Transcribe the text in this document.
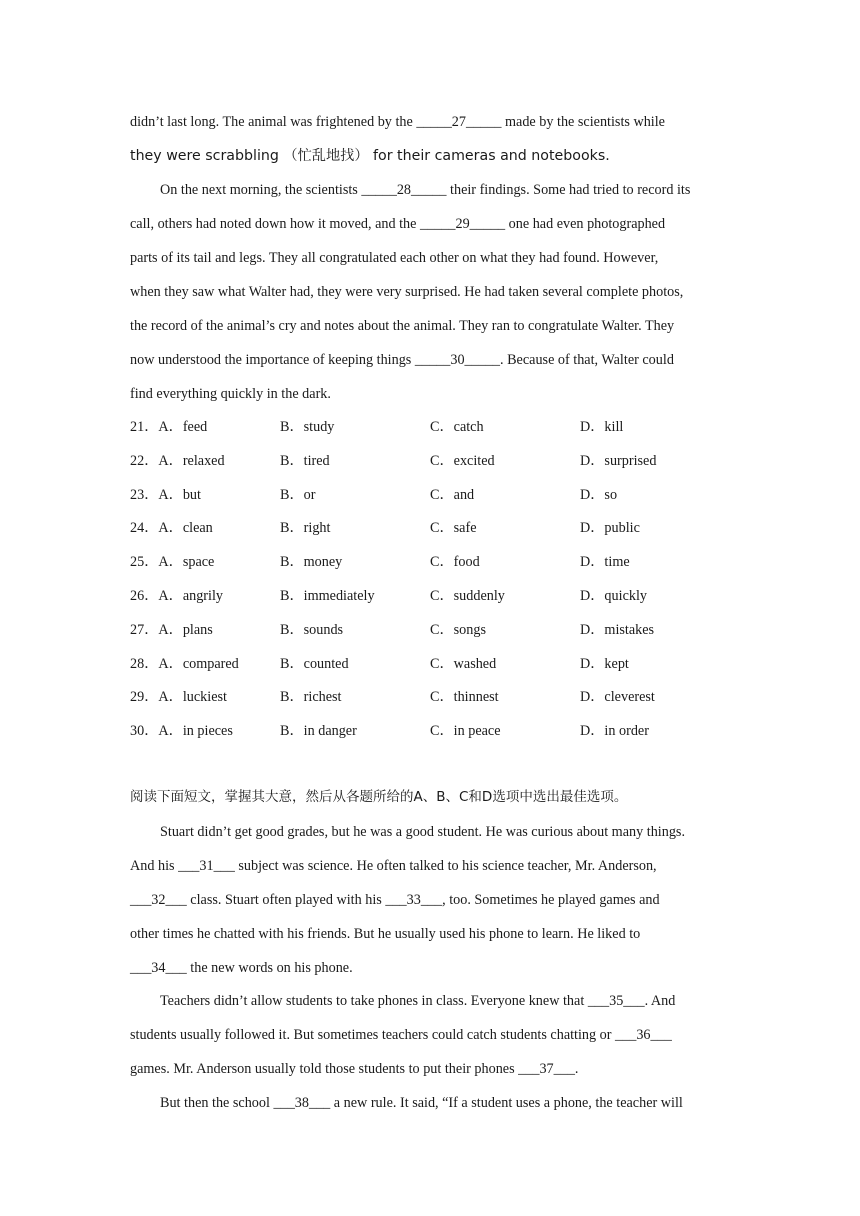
didn’t last long. The animal was frightened by the _____27_____ made by the scientists while
they were scrabbling （忙乱地找） for their cameras and notebooks.
On the next morning, the scientists _____28_____ their findings. Some had tried to record its
call, others had noted down how it moved, and the _____29_____ one had even photographed
parts of its tail and legs. They all congratulated each other on what they had found. However,
when they saw what Walter had, they were very surprised. He had taken several complete photos,
the record of the animal’s cry and notes about the animal. They ran to congratulate Walter. They
now understood the importance of keeping things _____30_____. Because of that, Walter could
find everything quickly in the dark.
21．A．feed	B．study	C．catch	D．kill
22．A．relaxed	B．tired	C．excited	D．surprised
23．A．but	B．or	C．and	D．so
24．A．clean	B．right	C．safe	D．public
25．A．space	B．money	C．food	D．time
26．A．angrily	B．immediately	C．suddenly	D．quickly
27．A．plans	B．sounds	C．songs	D．mistakes
28．A．compared	B．counted	C．washed	D．kept
29．A．luckiest	B．richest	C．thinnest	D．cleverest
30．A．in pieces	B．in danger	C．in peace	D．in order
阅读下面短文，掌握其大意，然后从各题所给的A、B、C和D选项中选出最佳选项。
Stuart didn’t get good grades, but he was a good student. He was curious about many things.
And his ___31___ subject was science. He often talked to his science teacher, Mr. Anderson,
___32___ class. Stuart often played with his ___33___, too. Sometimes he played games and
other times he chatted with his friends. But he usually used his phone to learn. He liked to
___34___ the new words on his phone.
Teachers didn’t allow students to take phones in class. Everyone knew that ___35___. And
students usually followed it. But sometimes teachers could catch students chatting or ___36___
games. Mr. Anderson usually told those students to put their phones ___37___.
But then the school ___38___ a new rule. It said, “If a student uses a phone, the teacher will
